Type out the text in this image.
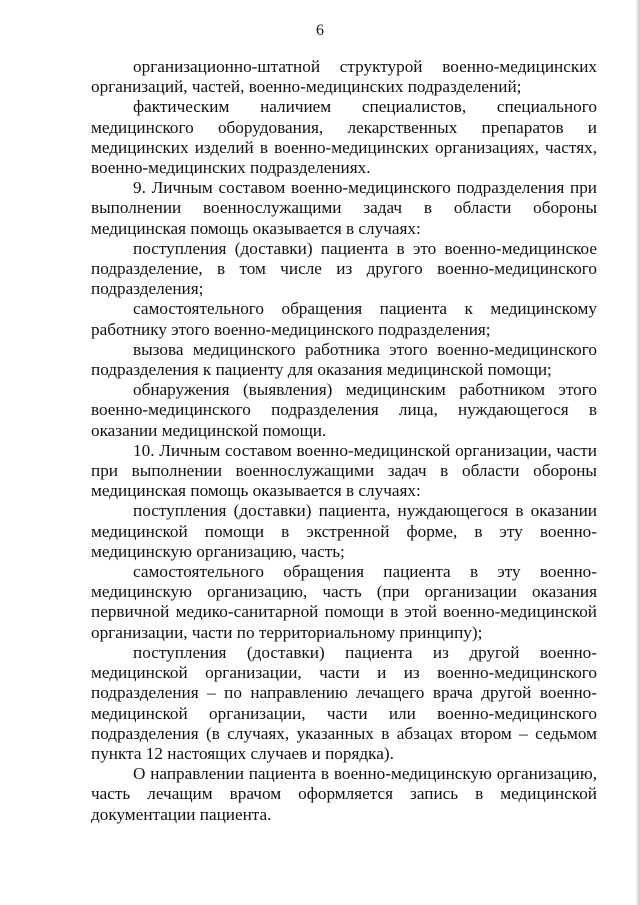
6

организационно-штатной структурой военно-медицинских организаций, частей, военно-медицинских подразделений;

фактическим наличием специалистов, специального медицинского оборудования, лекарственных препаратов и медицинских изделий в военно-медицинских организациях, частях, военно-медицинских подразделениях.

9. Личным составом военно-медицинского подразделения при выполнении военнослужащими задач в области обороны медицинская помощь оказывается в случаях:

поступления (доставки) пациента в это военно-медицинское подразделение, в том числе из другого военно-медицинского подразделения;

самостоятельного обращения пациента к медицинскому работнику этого военно-медицинского подразделения;

вызова медицинского работника этого военно-медицинского подразделения к пациенту для оказания медицинской помощи;

обнаружения (выявления) медицинским работником этого военно-медицинского подразделения лица, нуждающегося в оказании медицинской помощи.

10. Личным составом военно-медицинской организации, части при выполнении военнослужащими задач в области обороны медицинская помощь оказывается в случаях:

поступления (доставки) пациента, нуждающегося в оказании медицинской помощи в экстренной форме, в эту военно-медицинскую организацию, часть;

самостоятельного обращения пациента в эту военно-медицинскую организацию, часть (при организации оказания первичной медико-санитарной помощи в этой военно-медицинской организации, части по территориальному принципу);

поступления (доставки) пациента из другой военно-медицинской организации, части и из военно-медицинского подразделения – по направлению лечащего врача другой военно-медицинской организации, части или военно-медицинского подразделения (в случаях, указанных в абзацах втором – седьмом пункта 12 настоящих случаев и порядка).

О направлении пациента в военно-медицинскую организацию, часть лечащим врачом оформляется запись в медицинской документации пациента.
